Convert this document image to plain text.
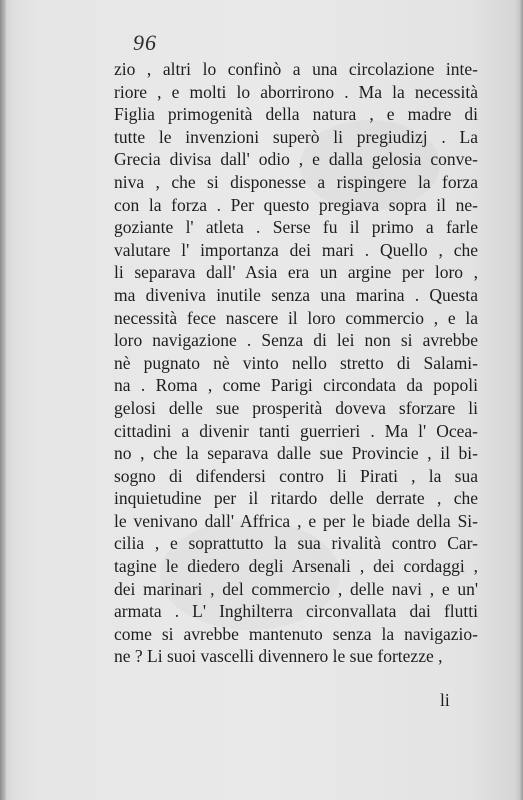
96
zio , altri lo confinò a una circolazione inte-
riore , e molti lo aborrirono . Ma la necessità
Figlia primogenità della natura , e madre di
tutte le invenzioni superò li pregiudizj . La
Grecia divisa dall' odio , e dalla gelosia conve-
niva , che si disponesse a rispingere la forza
con la forza . Per questo pregiava sopra il ne-
goziante l' atleta . Serse fu il primo a farle
valutare l' importanza dei mari . Quello , che
li separava dall' Asia era un argine per loro ,
ma diveniva inutile senza una marina . Questa
necessità fece nascere il loro commercio , e la
loro navigazione . Senza di lei non si avrebbe
nè pugnato nè vinto nello stretto di Salami-
na . Roma , come Parigi circondata da popoli
gelosi delle sue prosperità doveva sforzare li
cittadini a divenir tanti guerrieri . Ma l' Ocea-
no , che la separava dalle sue Provincie , il bi-
sogno di difendersi contro li Pirati , la sua
inquietudine per il ritardo delle derrate , che
le venivano dall' Affrica , e per le biade della Si-
cilia , e soprattutto la sua rivalità contro Car-
tagine le diedero degli Arsenali , dei cordaggi ,
dei marinari , del commercio , delle navi , e un'
armata . L' Inghilterra circonvallata dai flutti
come si avrebbe mantenuto senza la navigazio-
ne ? Li suoi vascelli divennero le sue fortezze ,
li
